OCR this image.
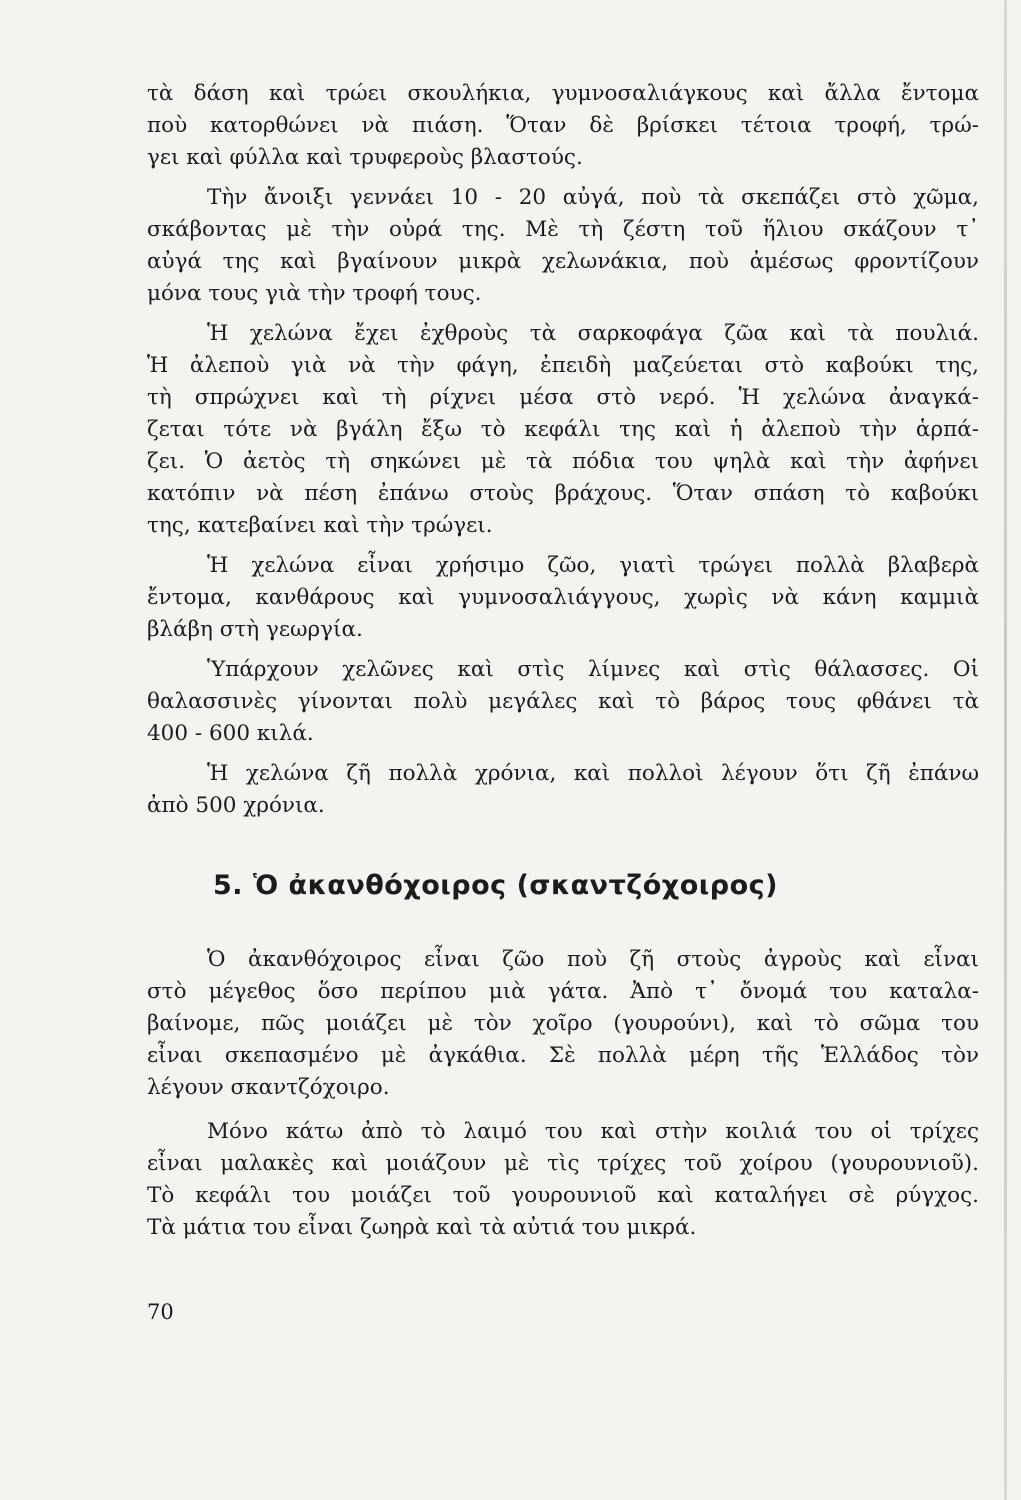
τὰ δάση καὶ τρώει σκουλήκια, γυμνοσαλιάγκους καὶ ἄλλα ἔντομα
ποὺ κατορθώνει νὰ πιάση. Ὅταν δὲ βρίσκει τέτοια τροφή, τρώ-
γει καὶ φύλλα καὶ τρυφεροὺς βλαστούς.
Τὴν ἄνοιξι γεννάει 10 - 20 αὐγά, ποὺ τὰ σκεπάζει στὸ χῶμα,
σκάβοντας μὲ τὴν οὐρά της. Μὲ τὴ ζέστη τοῦ ἥλιου σκάζουν τ᾽
αὐγά της καὶ βγαίνουν μικρὰ χελωνάκια, ποὺ ἀμέσως φροντίζουν
μόνα τους γιὰ τὴν τροφή τους.
Ἡ χελώνα ἔχει ἐχθροὺς τὰ σαρκοφάγα ζῶα καὶ τὰ πουλιά.
Ἡ ἀλεποὺ γιὰ νὰ τὴν φάγη, ἐπειδὴ μαζεύεται στὸ καβούκι της,
τὴ σπρώχνει καὶ τὴ ρίχνει μέσα στὸ νερό. Ἡ χελώνα ἀναγκά-
ζεται τότε νὰ βγάλη ἔξω τὸ κεφάλι της καὶ ἡ ἀλεποὺ τὴν ἁρπά-
ζει. Ὁ ἀετὸς τὴ σηκώνει μὲ τὰ πόδια του ψηλὰ καὶ τὴν ἀφήνει
κατόπιν νὰ πέση ἐπάνω στοὺς βράχους. Ὅταν σπάση τὸ καβούκι
της, κατεβαίνει καὶ τὴν τρώγει.
Ἡ χελώνα εἶναι χρήσιμο ζῶο, γιατὶ τρώγει πολλὰ βλαβερὰ
ἔντομα, κανθάρους καὶ γυμνοσαλιάγγους, χωρὶς νὰ κάνη καμμιὰ
βλάβη στὴ γεωργία.
Ὑπάρχουν χελῶνες καὶ στὶς λίμνες καὶ στὶς θάλασσες. Οἱ
θαλασσινὲς γίνονται πολὺ μεγάλες καὶ τὸ βάρος τους φθάνει τὰ
400 - 600 κιλά.
Ἡ χελώνα ζῆ πολλὰ χρόνια, καὶ πολλοὶ λέγουν ὅτι ζῆ ἐπάνω
ἀπὸ 500 χρόνια.
5. Ὁ ἀκανθόχοιρος (σκαντζόχοιρος)
Ὁ ἀκανθόχοιρος εἶναι ζῶο ποὺ ζῆ στοὺς ἀγροὺς καὶ εἶναι
στὸ μέγεθος ὅσο περίπου μιὰ γάτα. Ἀπὸ τ᾽ ὄνομά του καταλα-
βαίνομε, πῶς μοιάζει μὲ τὸν χοῖρο (γουρούνι), καὶ τὸ σῶμα του
εἶναι σκεπασμένο μὲ ἀγκάθια. Σὲ πολλὰ μέρη τῆς Ἑλλάδος τὸν
λέγουν σκαντζόχοιρο.
Μόνο κάτω ἀπὸ τὸ λαιμό του καὶ στὴν κοιλιά του οἱ τρίχες
εἶναι μαλακὲς καὶ μοιάζουν μὲ τὶς τρίχες τοῦ χοίρου (γουρουνιοῦ).
Τὸ κεφάλι του μοιάζει τοῦ γουρουνιοῦ καὶ καταλήγει σὲ ρύγχος.
Τὰ μάτια του εἶναι ζωηρὰ καὶ τὰ αὐτιά του μικρά.
70
